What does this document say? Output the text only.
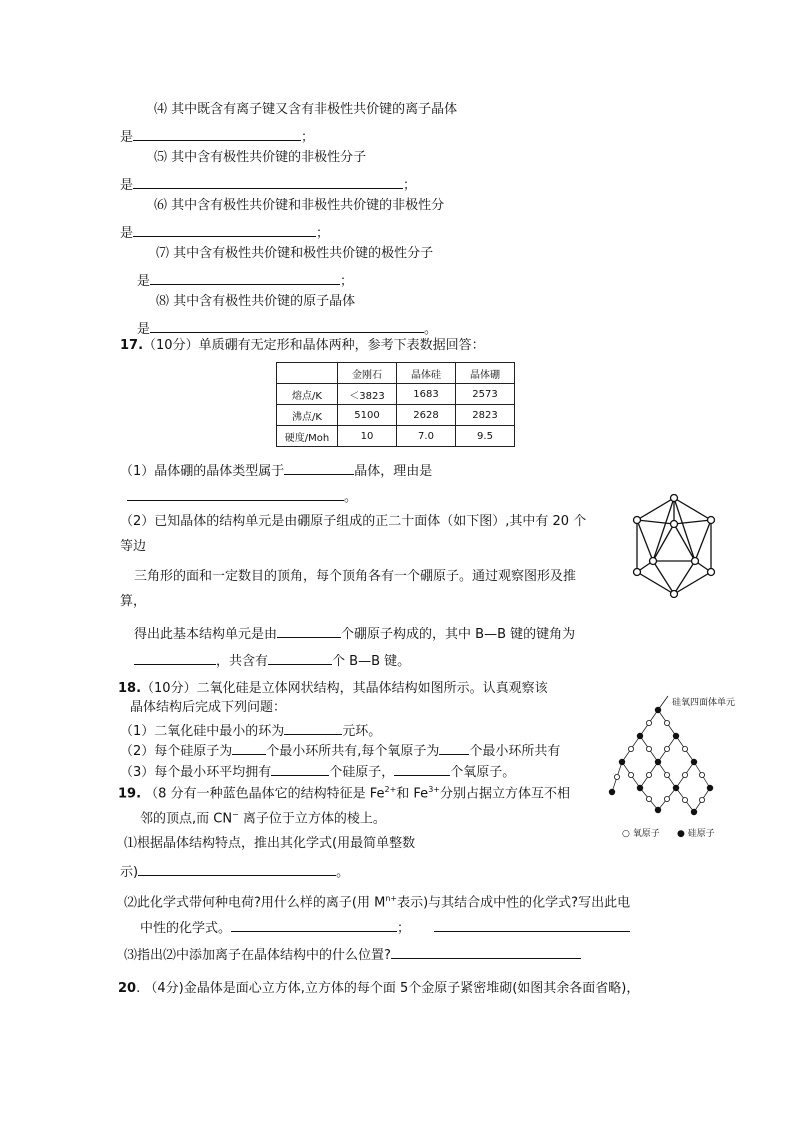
⑷ 其中既含有离子键又含有非极性共价键的离子晶体
是	；
⑸ 其中含有极性共价键的非极性分子
是	；
⑹ 其中含有极性共价键和非极性共价键的非极性分
是	；
⑺ 其中含有极性共价键和极性共价键的极性分子
是	；
⑻ 其中含有极性共价键的原子晶体
是	。
17.（10分）单质硼有无定形和晶体两种，参考下表数据回答：
	金刚石	晶体硅	晶体硼
熔点/K	＜3823	1683	2573
沸点/K	5100	2628	2823
硬度/Moh	10	7.0	9.5
（1）晶体硼的晶体类型属于	晶体，理由是
。
（2）已知晶体的结构单元是由硼原子组成的正二十面体（如下图）,其中有 20 个
等边
三角形的面和一定数目的顶角，每个顶角各有一个硼原子。通过观察图形及推
算，
得出此基本结构单元是由	个硼原子构成的，其中 B—B 键的键角为
，共含有	个 B—B 键。
18.（10分）二氧化硅是立体网状结构，其晶体结构如图所示。认真观察该
晶体结构后完成下列问题：
（1）二氧化硅中最小的环为	元环。
（2）每个硅原子为	个最小环所共有,每个氧原子为 个最小环所共有
（3）每个最小环平均拥有	个硅原子，	个氧原子。
硅氧四面体单元
○ 氧原子 ● 硅原子
19. （8 分有一种蓝色晶体它的结构特征是 $Fe^{2+}$和 $Fe^{3+}$分别占据立方体互不相
邻的顶点,而 CN− 离子位于立方体的棱上。
⑴根据晶体结构特点，推出其化学式(用最简单整数
示)	。
⑵此化学式带何种电荷?用什么样的离子(用 $M^{n+}$表示)与其结合成中性的化学式?写出此电
中性的化学式。	；
⑶指出⑵中添加离子在晶体结构中的什么位置?
20. （4分)金晶体是面心立方体,立方体的每个面 5个金原子紧密堆砌(如图其余各面省略)，
